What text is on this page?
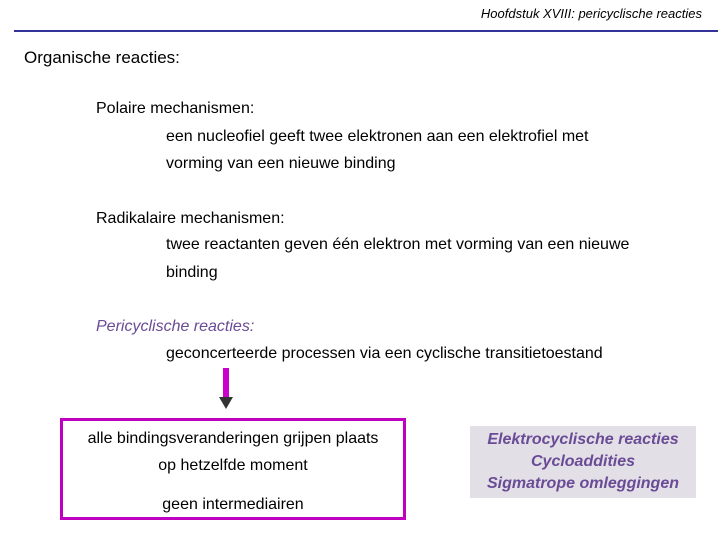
Hoofdstuk XVIII: pericyclische reacties
Organische reacties:
Polaire mechanismen:
een nucleofiel geeft twee elektronen aan een elektrofiel met
vorming van een nieuwe binding
Radikalaire mechanismen:
twee reactanten geven één elektron met vorming van een nieuwe
binding
Pericyclische reacties:
geconcerteerde processen via een cyclische transitietoestand
alle bindingsveranderingen grijpen plaats
op hetzelfde moment
geen intermediairen
Elektrocyclische reacties
Cycloaddities
Sigmatrope omleggingen
